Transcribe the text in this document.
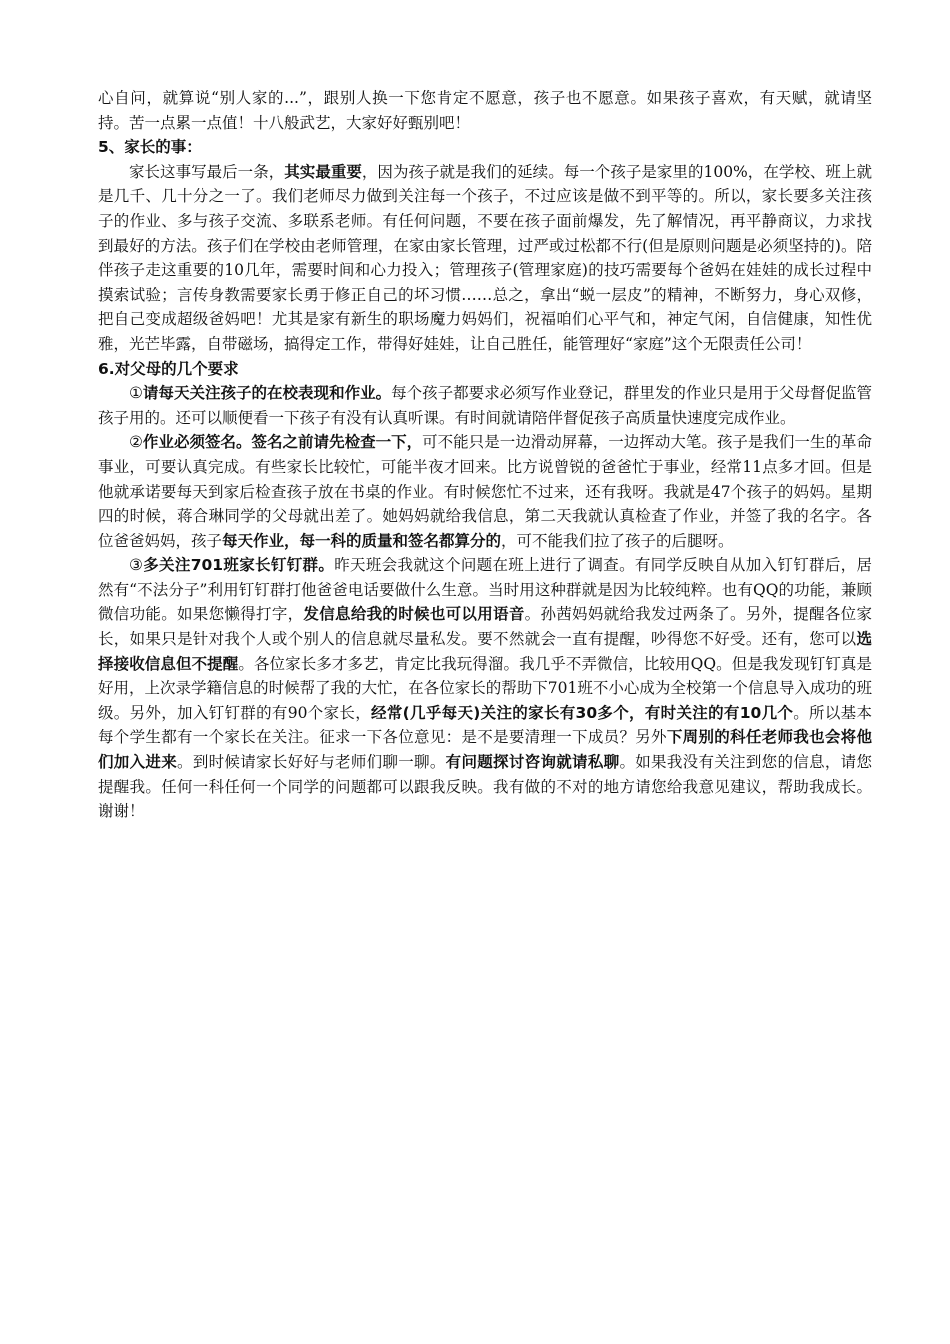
心自问，就算说“别人家的...”，跟别人换一下您肯定不愿意，孩子也不愿意。如果孩子喜欢，有天赋，就请坚持。苦一点累一点值！十八般武艺，大家好好甄别吧！

5、家长的事：

家长这事写最后一条，其实最重要，因为孩子就是我们的延续。每一个孩子是家里的100%，在学校、班上就是几千、几十分之一了。我们老师尽力做到关注每一个孩子，不过应该是做不到平等的。所以，家长要多关注孩子的作业、多与孩子交流、多联系老师。有任何问题，不要在孩子面前爆发，先了解情况，再平静商议，力求找到最好的方法。孩子们在学校由老师管理，在家由家长管理，过严或过松都不行(但是原则问题是必须坚持的)。陪伴孩子走这重要的10几年，需要时间和心力投入；管理孩子(管理家庭)的技巧需要每个爸妈在娃娃的成长过程中摸索试验；言传身教需要家长勇于修正自己的坏习惯……总之，拿出“蜕一层皮”的精神，不断努力，身心双修，把自己变成超级爸妈吧！尤其是家有新生的职场魔力妈妈们，祝福咱们心平气和，神定气闲，自信健康，知性优雅，光芒毕露，自带磁场，搞得定工作，带得好娃娃，让自己胜任，能管理好“家庭”这个无限责任公司！

6.对父母的几个要求

①请每天关注孩子的在校表现和作业。每个孩子都要求必须写作业登记，群里发的作业只是用于父母督促监管孩子用的。还可以顺便看一下孩子有没有认真听课。有时间就请陪伴督促孩子高质量快速度完成作业。

②作业必须签名。签名之前请先检查一下，可不能只是一边滑动屏幕，一边挥动大笔。孩子是我们一生的革命事业，可要认真完成。有些家长比较忙，可能半夜才回来。比方说曾锐的爸爸忙于事业，经常11点多才回。但是他就承诺要每天到家后检查孩子放在书桌的作业。有时候您忙不过来，还有我呀。我就是47个孩子的妈妈。星期四的时候，蒋合琳同学的父母就出差了。她妈妈就给我信息，第二天我就认真检查了作业，并签了我的名字。各位爸爸妈妈，孩子每天作业，每一科的质量和签名都算分的，可不能我们拉了孩子的后腿呀。

③多关注701班家长钉钉群。昨天班会我就这个问题在班上进行了调查。有同学反映自从加入钉钉群后，居然有“不法分子”利用钉钉群打他爸爸电话要做什么生意。当时用这种群就是因为比较纯粹。也有QQ的功能，兼顾微信功能。如果您懒得打字，发信息给我的时候也可以用语音。孙茜妈妈就给我发过两条了。另外，提醒各位家长，如果只是针对我个人或个别人的信息就尽量私发。要不然就会一直有提醒，吵得您不好受。还有，您可以选择接收信息但不提醒。各位家长多才多艺，肯定比我玩得溜。我几乎不弄微信，比较用QQ。但是我发现钉钉真是好用，上次录学籍信息的时候帮了我的大忙，在各位家长的帮助下701班不小心成为全校第一个信息导入成功的班级。另外，加入钉钉群的有90个家长，经常(几乎每天)关注的家长有30多个，有时关注的有10几个。所以基本每个学生都有一个家长在关注。征求一下各位意见：是不是要清理一下成员？另外下周别的科任老师我也会将他们加入进来。到时候请家长好好与老师们聊一聊。有问题探讨咨询就请私聊。如果我没有关注到您的信息，请您提醒我。任何一科任何一个同学的问题都可以跟我反映。我有做的不对的地方请您给我意见建议，帮助我成长。谢谢！
